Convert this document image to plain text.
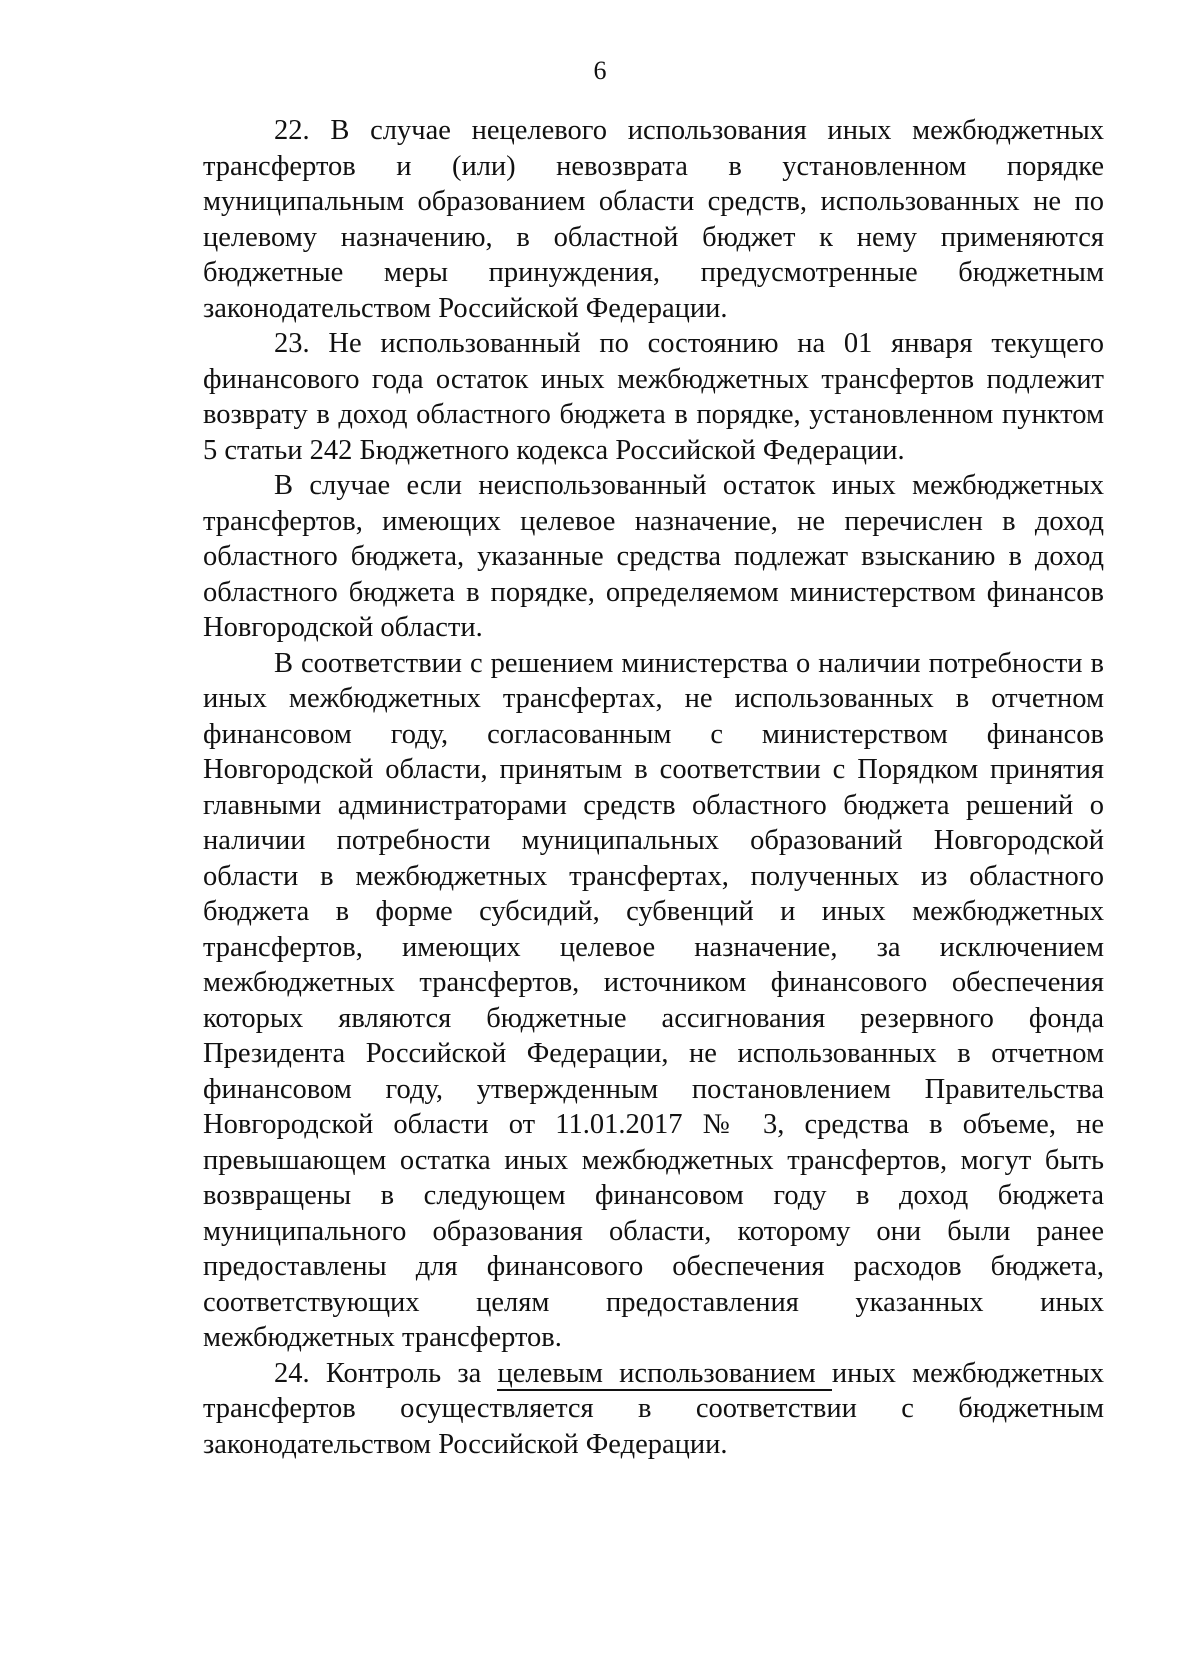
6

22. В случае нецелевого использования иных межбюджетных трансфертов и (или) невозврата в установленном порядке муниципальным образованием области средств, использованных не по целевому назначению, в областной бюджет к нему применяются бюджетные меры принуждения, предусмотренные бюджетным законодательством Российской Федерации.

23. Не использованный по состоянию на 01 января текущего финансового года остаток иных межбюджетных трансфертов подлежит возврату в доход областного бюджета в порядке, установленном пунктом 5 статьи 242 Бюджетного кодекса Российской Федерации.

В случае если неиспользованный остаток иных межбюджетных трансфертов, имеющих целевое назначение, не перечислен в доход областного бюджета, указанные средства подлежат взысканию в доход областного бюджета в порядке, определяемом министерством финансов Новгородской области.

В соответствии с решением министерства о наличии потребности в иных межбюджетных трансфертах, не использованных в отчетном финансовом году, согласованным с министерством финансов Новгородской области, принятым в соответствии с Порядком принятия главными администраторами средств областного бюджета решений о наличии потребности муниципальных образований Новгородской области в межбюджетных трансфертах, полученных из областного бюджета в форме субсидий, субвенций и иных межбюджетных трансфертов, имеющих целевое назначение, за исключением межбюджетных трансфертов, источником финансового обеспечения которых являются бюджетные ассигнования резервного фонда Президента Российской Федерации, не использованных в отчетном финансовом году, утвержденным постановлением Правительства Новгородской области от 11.01.2017 № 3, средства в объеме, не превышающем остатка иных межбюджетных трансфертов, могут быть возвращены в следующем финансовом году в доход бюджета муниципального образования области, которому они были ранее предоставлены для финансового обеспечения расходов бюджета, соответствующих целям предоставления указанных иных межбюджетных трансфертов.

24. Контроль за целевым использованием иных межбюджетных трансфертов осуществляется в соответствии с бюджетным законодательством Российской Федерации.
